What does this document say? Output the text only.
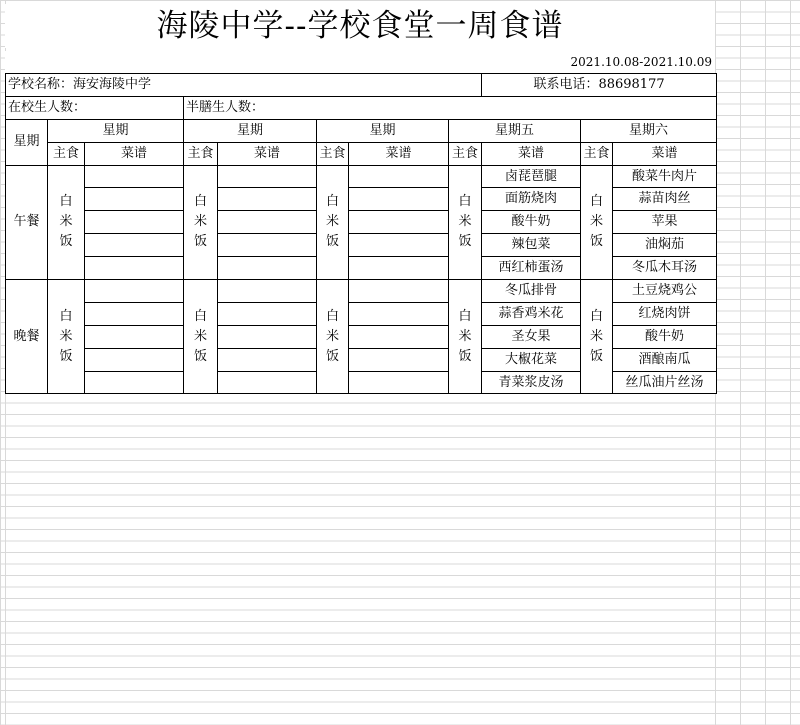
海陵中学--学校食堂一周食谱
2021.10.08-2021.10.09
学校名称：海安海陵中学								联系电话：88698177		
在校生人数：			半膳生人数：							
星期	星期		星期		星期		星期五		星期六	
	主食	菜谱	主食	菜谱	主食	菜谱	主食	菜谱	主食	菜谱
午餐	白
米
饭		白
米
饭		白
米
饭		白
米
饭	卤琵琶腿	白
米
饭	酸菜牛肉片
								面筋烧肉		蒜苗肉丝
								酸牛奶		苹果
								辣包菜		油焖茄
								西红柿蛋汤		冬瓜木耳汤
晚餐	白
米
饭		白
米
饭		白
米
饭		白
米
饭	冬瓜排骨	白
米
饭	土豆烧鸡公
								蒜香鸡米花		红烧肉饼
								圣女果		酸牛奶
								大椒花菜		酒酿南瓜
								青菜浆皮汤		丝瓜油片丝汤
